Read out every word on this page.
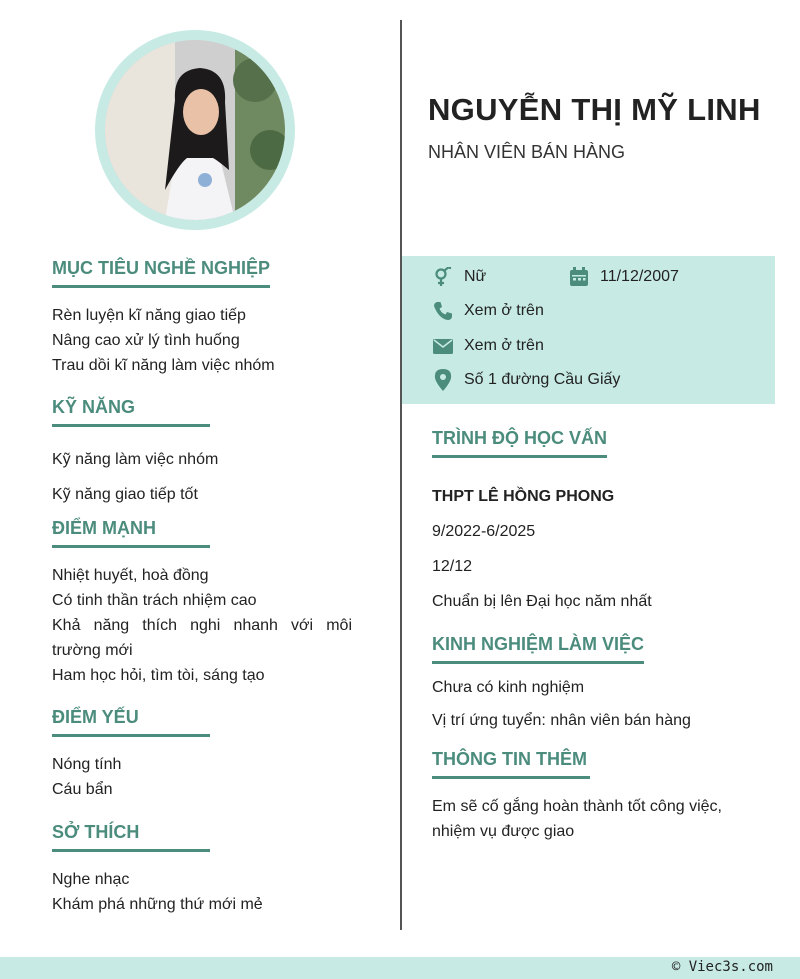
MỤC TIÊU NGHỀ NGHIỆP
Rèn luyện kĩ năng giao tiếp
Nâng cao xử lý tình huống
Trau dồi kĩ năng làm việc nhóm
KỸ NĂNG
Kỹ năng làm việc nhóm
Kỹ năng giao tiếp tốt
ĐIỂM MẠNH
Nhiệt huyết, hoà đồng
Có tinh thần trách nhiệm cao
Khả năng thích nghi nhanh với môi trường mới
Ham học hỏi, tìm tòi, sáng tạo
ĐIỂM YẾU
Nóng tính
Cáu bẩn
SỞ THÍCH
Nghe nhạc
Khám phá những thứ mới mẻ
NGUYỄN THỊ MỸ LINH
NHÂN VIÊN BÁN HÀNG
Nữ	11/12/2007
Xem ở trên
Xem ở trên
Số 1 đường Cầu Giấy
TRÌNH ĐỘ HỌC VẤN
THPT LÊ HỒNG PHONG
9/2022-6/2025
12/12
Chuẩn bị lên Đại học năm nhất
KINH NGHIỆM LÀM VIỆC
Chưa có kinh nghiệm
Vị trí ứng tuyển: nhân viên bán hàng
THÔNG TIN THÊM
Em sẽ cố gắng hoàn thành tốt công việc, nhiệm vụ được giao
© Viec3s.com
